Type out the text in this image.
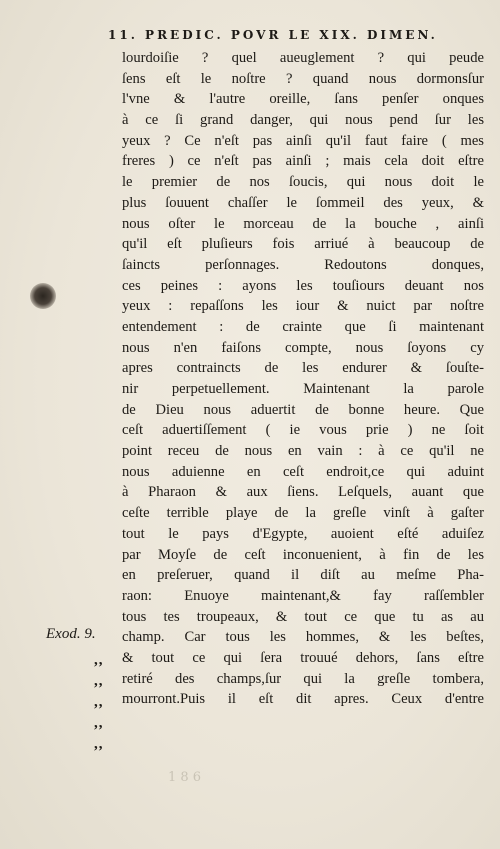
11. PREDIC. POVR LE XIX. DIMEN.
lourdoiſie ? quel aueuglement ? qui peude
ſens eſt le noſtre ? quand nous dormonsſur
l'vne & l'autre oreille, ſans penſer onques
à ce ſi grand danger, qui nous pend ſur les
yeux ? Ce n'eſt pas ainſi qu'il faut faire ( mes
freres ) ce n'eſt pas ainſi ; mais cela doit eſtre
le premier de nos ſoucis, qui nous doit le
plus ſouuent chaſſer le ſommeil des yeux, &
nous oſter le morceau de la bouche , ainſi
qu'il eſt pluſieurs fois arriué à beaucoup de
ſaincts perſonnages. Redoutons donques,
ces peines : ayons les touſiours deuant nos
yeux : repaſſons les iour & nuict par noſtre
entendement : de crainte que ſi maintenant
nous n'en faiſons compte, nous ſoyons cy
apres contraincts de les endurer & ſouſte-
nir perpetuellement. Maintenant la parole
de Dieu nous aduertit de bonne heure. Que
ceſt aduertiſſement ( ie vous prie ) ne ſoit
point receu de nous en vain : à ce qu'il ne
nous aduienne en ceſt endroit,ce qui aduint
à Pharaon & aux ſiens. Leſquels, auant que
ceſte terrible playe de la greſle vinſt à gaſter
tout le pays d'Egypte, auoient eſté aduiſez
par Moyſe de ceſt inconuenient, à fin de les
en preſeruer, quand il diſt au meſme Pha-
raon: Enuoye maintenant,& fay raſſembler
tous tes troupeaux, & tout ce que tu as au
champ. Car tous les hommes, & les beſtes,
& tout ce qui ſera trouué dehors, ſans eſtre
retiré des champs,ſur qui la greſle tombera,
mourront.Puis il eſt dit apres. Ceux d'entre
Exod. 9.
,,
,,
,,
,,
,,
1 8 6
